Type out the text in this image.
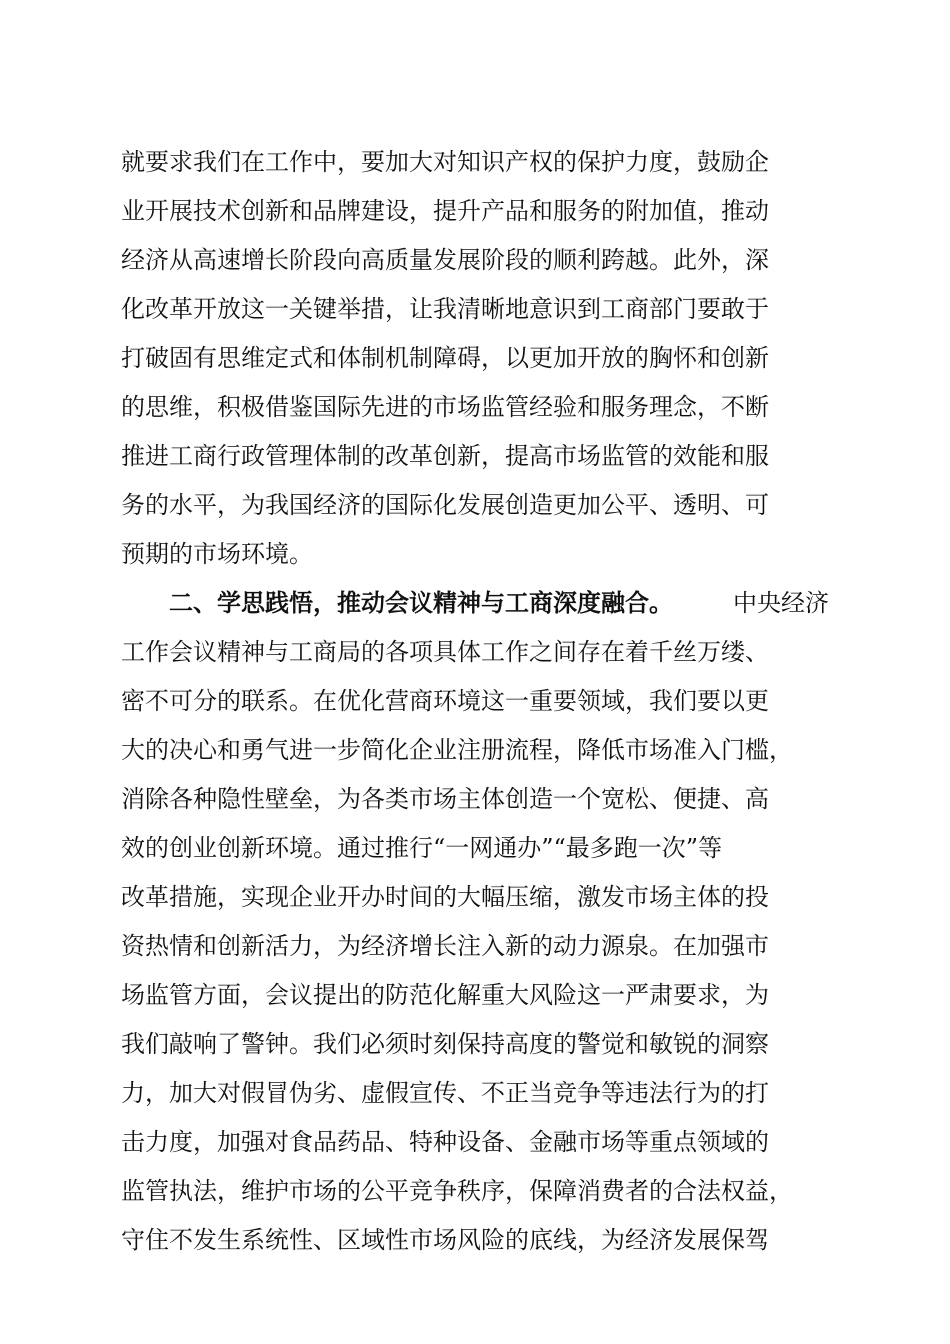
就要求我们在工作中，要加大对知识产权的保护力度，鼓励企
业开展技术创新和品牌建设，提升产品和服务的附加值，推动
经济从高速增长阶段向高质量发展阶段的顺利跨越。此外，深
化改革开放这一关键举措，让我清晰地意识到工商部门要敢于
打破固有思维定式和体制机制障碍，以更加开放的胸怀和创新
的思维，积极借鉴国际先进的市场监管经验和服务理念，不断
推进工商行政管理体制的改革创新，提高市场监管的效能和服
务的水平，为我国经济的国际化发展创造更加公平、透明、可
预期的市场环境。
二、学思践悟，推动会议精神与工商深度融合。	中央经济
工作会议精神与工商局的各项具体工作之间存在着千丝万缕、
密不可分的联系。在优化营商环境这一重要领域，我们要以更
大的决心和勇气进一步简化企业注册流程，降低市场准入门槛，
消除各种隐性壁垒，为各类市场主体创造一个宽松、便捷、高
效的创业创新环境。通过推行“一网通办”“最多跑一次”等
改革措施，实现企业开办时间的大幅压缩，激发市场主体的投
资热情和创新活力，为经济增长注入新的动力源泉。在加强市
场监管方面，会议提出的防范化解重大风险这一严肃要求，为
我们敲响了警钟。我们必须时刻保持高度的警觉和敏锐的洞察
力，加大对假冒伪劣、虚假宣传、不正当竞争等违法行为的打
击力度，加强对食品药品、特种设备、金融市场等重点领域的
监管执法，维护市场的公平竞争秩序，保障消费者的合法权益，
守住不发生系统性、区域性市场风险的底线，为经济发展保驾
